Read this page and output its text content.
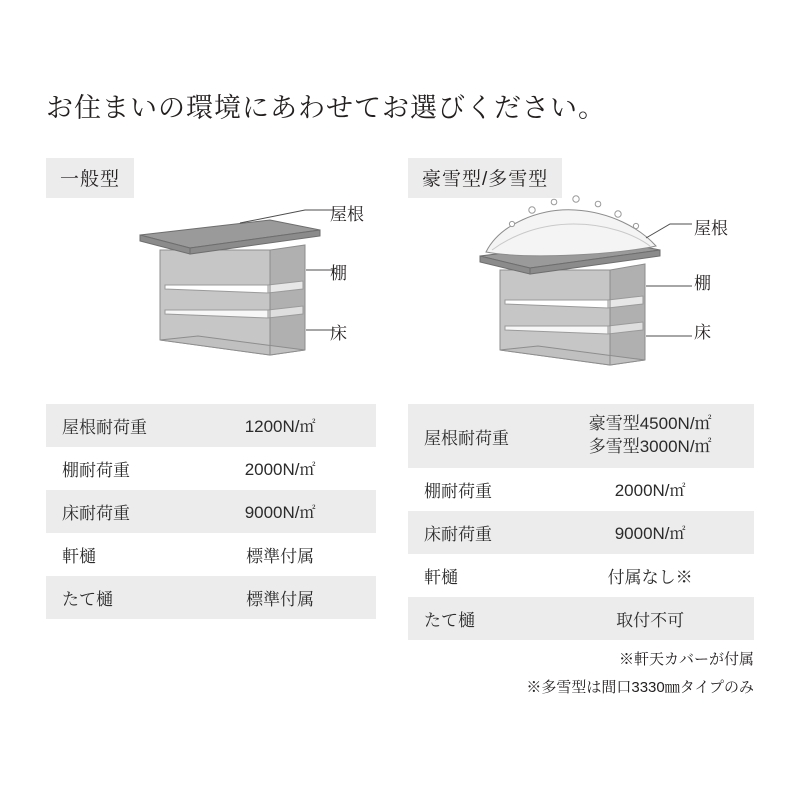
お住まいの環境にあわせてお選びください。
一般型	豪雪型/多雪型
屋根
棚
床
屋根
棚
床
屋根耐荷重	1200N/㎡
棚耐荷重	2000N/㎡
床耐荷重	9000N/㎡
軒樋	標準付属
たて樋	標準付属
屋根耐荷重	豪雪型4500N/㎡
多雪型3000N/㎡
棚耐荷重	2000N/㎡
床耐荷重	9000N/㎡
軒樋	付属なし※
たて樋	取付不可
※軒天カバーが付属
※多雪型は間口3330㎜タイプのみ
